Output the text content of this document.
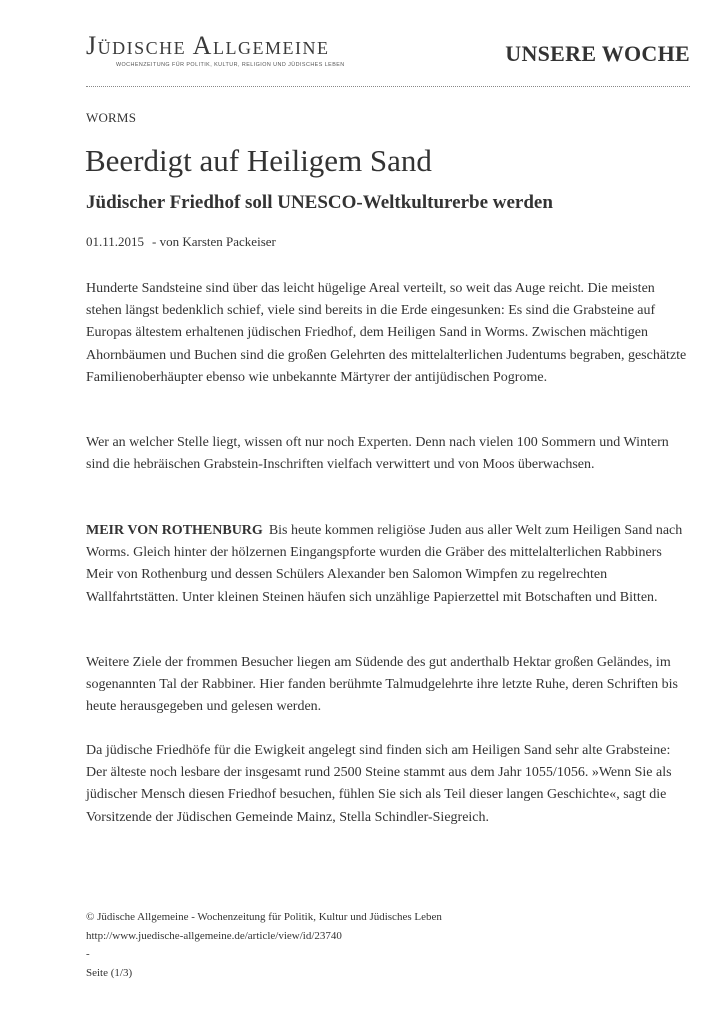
Jüdische Allgemeine
WOCHENZEITUNG FÜR POLITIK, KULTUR, RELIGION UND JÜDISCHES LEBEN	UNSERE WOCHE
WORMS
Beerdigt auf Heiligem Sand
Jüdischer Friedhof soll UNESCO-Weltkulturerbe werden
01.11.2015 - von Karsten Packeiser

Hunderte Sandsteine sind über das leicht hügelige Areal verteilt, so weit das Auge reicht. Die meisten stehen längst bedenklich schief, viele sind bereits in die Erde eingesunken: Es sind die Grabsteine auf Europas ältestem erhaltenen jüdischen Friedhof, dem Heiligen Sand in Worms. Zwischen mächtigen Ahornbäumen und Buchen sind die großen Gelehrten des mittelalterlichen Judentums begraben, geschätzte Familienoberhäupter ebenso wie unbekannte Märtyrer der antijüdischen Pogrome.

Wer an welcher Stelle liegt, wissen oft nur noch Experten. Denn nach vielen 100 Sommern und Wintern sind die hebräischen Grabstein-Inschriften vielfach verwittert und von Moos überwachsen.

MEIR VON ROTHENBURG Bis heute kommen religiöse Juden aus aller Welt zum Heiligen Sand nach Worms. Gleich hinter der hölzernen Eingangspforte wurden die Gräber des mittelalterlichen Rabbiners Meir von Rothenburg und dessen Schülers Alexander ben Salomon Wimpfen zu regelrechten Wallfahrtstätten. Unter kleinen Steinen häufen sich unzählige Papierzettel mit Botschaften und Bitten.

Weitere Ziele der frommen Besucher liegen am Südende des gut anderthalb Hektar großen Geländes, im sogenannten Tal der Rabbiner. Hier fanden berühmte Talmudgelehrte ihre letzte Ruhe, deren Schriften bis heute herausgegeben und gelesen werden.

Da jüdische Friedhöfe für die Ewigkeit angelegt sind finden sich am Heiligen Sand sehr alte Grabsteine: Der älteste noch lesbare der insgesamt rund 2500 Steine stammt aus dem Jahr 1055/1056. »Wenn Sie als jüdischer Mensch diesen Friedhof besuchen, fühlen Sie sich als Teil dieser langen Geschichte«, sagt die Vorsitzende der Jüdischen Gemeinde Mainz, Stella Schindler-Siegreich.

© Jüdische Allgemeine - Wochenzeitung für Politik, Kultur und Jüdisches Leben
http://www.juedische-allgemeine.de/article/view/id/23740
-
Seite (1/3)
